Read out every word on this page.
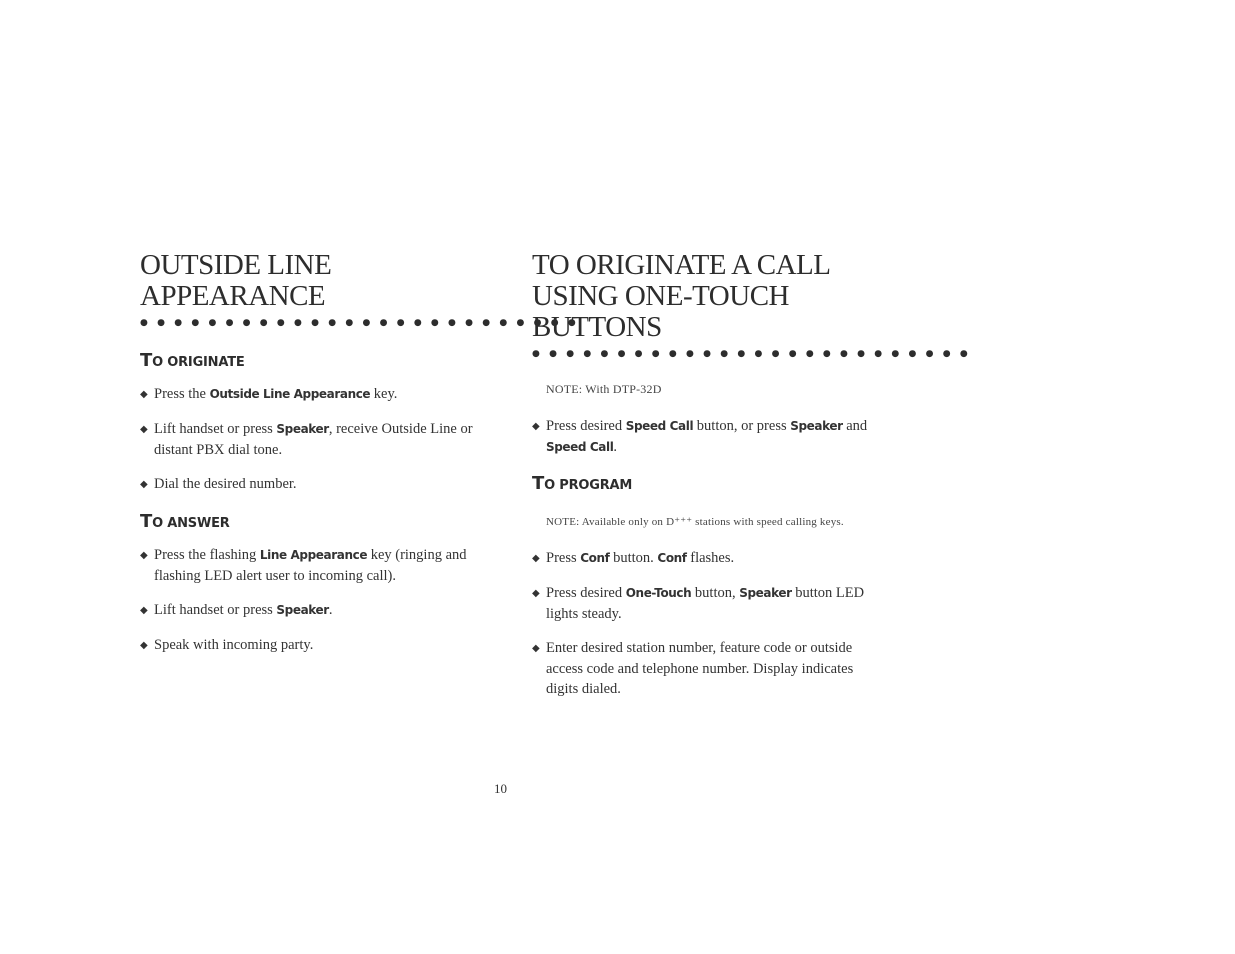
OUTSIDE LINE
APPEARANCE
● ● ● ● ● ● ● ● ● ● ● ● ● ● ● ● ● ● ● ● ● ● ● ● ● ●
TO ORIGINATE

◆ Press the Outside Line Appearance key.

◆ Lift handset or press Speaker, receive Outside Line or distant PBX dial tone.

◆ Dial the desired number.

TO ANSWER

◆ Press the flashing Line Appearance key (ringing and flashing LED alert user to incoming call).

◆ Lift handset or press Speaker.

◆ Speak with incoming party.

TO ORIGINATE A CALL
USING ONE-TOUCH
BUTTONS
● ● ● ● ● ● ● ● ● ● ● ● ● ● ● ● ● ● ● ● ● ● ● ● ● ●

NOTE: With DTP-32D

◆ Press desired Speed Call button, or press Speaker and Speed Call.

TO PROGRAM

NOTE: Available only on D⁺⁺⁺ stations with speed calling keys.

◆ Press Conf button. Conf flashes.

◆ Press desired One-Touch button, Speaker button LED lights steady.

◆ Enter desired station number, feature code or outside access code and telephone number. Display indicates digits dialed.

10
